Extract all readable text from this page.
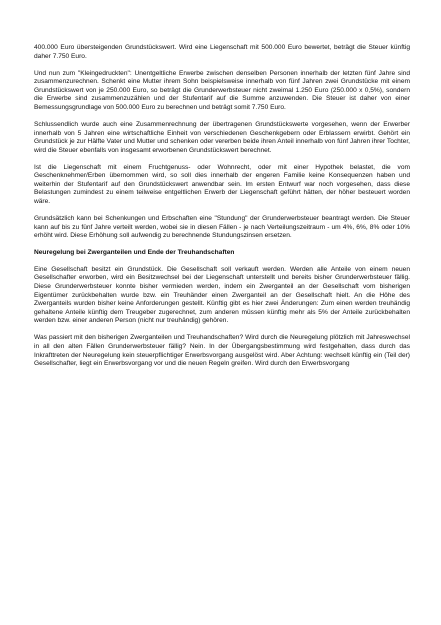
400.000 Euro übersteigenden Grundstückswert. Wird eine Liegenschaft mit 500.000 Euro bewertet, beträgt die Steuer künftig daher 7.750 Euro.

Und nun zum "Kleingedruckten": Unentgeltliche Erwerbe zwischen denselben Personen innerhalb der letzten fünf Jahre sind zusammenzurechnen. Schenkt eine Mutter ihrem Sohn beispielsweise innerhalb von fünf Jahren zwei Grundstücke mit einem Grundstückswert von je 250.000 Euro, so beträgt die Grunderwerbsteuer nicht zweimal 1.250 Euro (250.000 x 0,5%), sondern die Erwerbe sind zusammenzuzählen und der Stufentarif auf die Summe anzuwenden. Die Steuer ist daher von einer Bemessungsgrundlage von 500.000 Euro zu berechnen und beträgt somit 7.750 Euro.

Schlussendlich wurde auch eine Zusammenrechnung der übertragenen Grundstückswerte vorgesehen, wenn der Erwerber innerhalb von 5 Jahren eine wirtschaftliche Einheit von verschiedenen Geschenkgebern oder Erblassern erwirbt. Gehört ein Grundstück je zur Hälfte Vater und Mutter und schenken oder vererben beide ihren Anteil innerhalb von fünf Jahren ihrer Tochter, wird die Steuer ebenfalls von insgesamt erworbenen Grundstückswert berechnet.

Ist die Liegenschaft mit einem Fruchtgenuss- oder Wohnrecht, oder mit einer Hypothek belastet, die vom Geschenknehmer/Erben übernommen wird, so soll dies innerhalb der engeren Familie keine Konsequenzen haben und weiterhin der Stufentarif auf den Grundstückswert anwendbar sein. Im ersten Entwurf war noch vorgesehen, dass diese Belastungen zumindest zu einem teilweise entgeltlichen Erwerb der Liegenschaft geführt hätten, der höher besteuert worden wäre.

Grundsätzlich kann bei Schenkungen und Erbschaften eine "Stundung" der Grunderwerbsteuer beantragt werden. Die Steuer kann auf bis zu fünf Jahre verteilt werden, wobei sie in diesen Fällen - je nach Verteilungszeitraum - um 4%, 6%, 8% oder 10% erhöht wird. Diese Erhöhung soll aufwendig zu berechnende Stundungszinsen ersetzen.

Neuregelung bei Zwerganteilen und Ende der Treuhandschaften

Eine Gesellschaft besitzt ein Grundstück. Die Gesellschaft soll verkauft werden. Werden alle Anteile von einem neuen Gesellschafter erworben, wird ein Besitzwechsel bei der Liegenschaft unterstellt und bereits bisher Grunderwerbsteuer fällig. Diese Grunderwerbsteuer konnte bisher vermieden werden, indem ein Zwerganteil an der Gesellschaft vom bisherigen Eigentümer zurückbehalten wurde bzw. ein Treuhänder einen Zwerganteil an der Gesellschaft hielt. An die Höhe des Zwerganteils wurden bisher keine Anforderungen gestellt. Künftig gibt es hier zwei Änderungen: Zum einen werden treuhändig gehaltene Anteile künftig dem Treugeber zugerechnet, zum anderen müssen künftig mehr als 5% der Anteile zurückbehalten werden bzw. einer anderen Person (nicht nur treuhändig) gehören.

Was passiert mit den bisherigen Zwerganteilen und Treuhandschaften? Wird durch die Neuregelung plötzlich mit Jahreswechsel in all den alten Fällen Grunderwerbsteuer fällig? Nein. In der Übergangsbestimmung wird festgehalten, dass durch das Inkrafttreten der Neuregelung kein steuerpflichtiger Erwerbsvorgang ausgelöst wird. Aber Achtung: wechselt künftig ein (Teil der) Gesellschafter, liegt ein Erwerbsvorgang vor und die neuen Regeln greifen. Wird durch den Erwerbsvorgang
